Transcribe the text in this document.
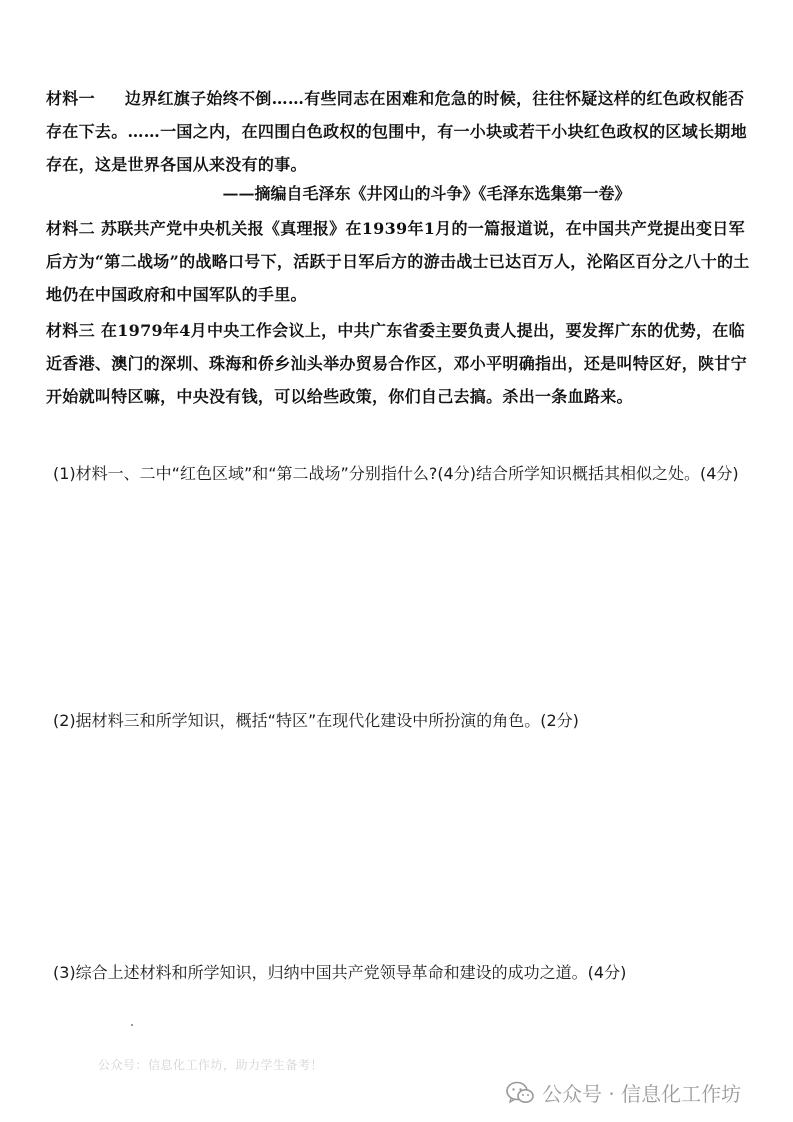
材料一 边界红旗子始终不倒……有些同志在困难和危急的时候，往往怀疑这样的红色政权能否存在下去。……一国之内，在四围白色政权的包围中，有一小块或若干小块红色政权的区域长期地存在，这是世界各国从来没有的事。
——摘编自毛泽东《井冈山的斗争》《毛泽东选集第一卷》
材料二 苏联共产党中央机关报《真理报》在1939年1月的一篇报道说，在中国共产党提出变日军后方为“第二战场”的战略口号下，活跃于日军后方的游击战士已达百万人，沦陷区百分之八十的土地仍在中国政府和中国军队的手里。
材料三 在1979年4月中央工作会议上，中共广东省委主要负责人提出，要发挥广东的优势，在临近香港、澳门的深圳、珠海和侨乡汕头举办贸易合作区，邓小平明确指出，还是叫特区好，陕甘宁开始就叫特区嘛，中央没有钱，可以给些政策，你们自己去搞。杀出一条血路来。
(1)材料一、二中“红色区域”和“第二战场”分别指什么?(4分)结合所学知识概括其相似之处。(4分)
(2)据材料三和所学知识，概括“特区”在现代化建设中所扮演的角色。(2分)
(3)综合上述材料和所学知识，归纳中国共产党领导革命和建设的成功之道。(4分)
公众号：信息化工作坊，助力学生备考！
公众号 · 信息化工作坊
